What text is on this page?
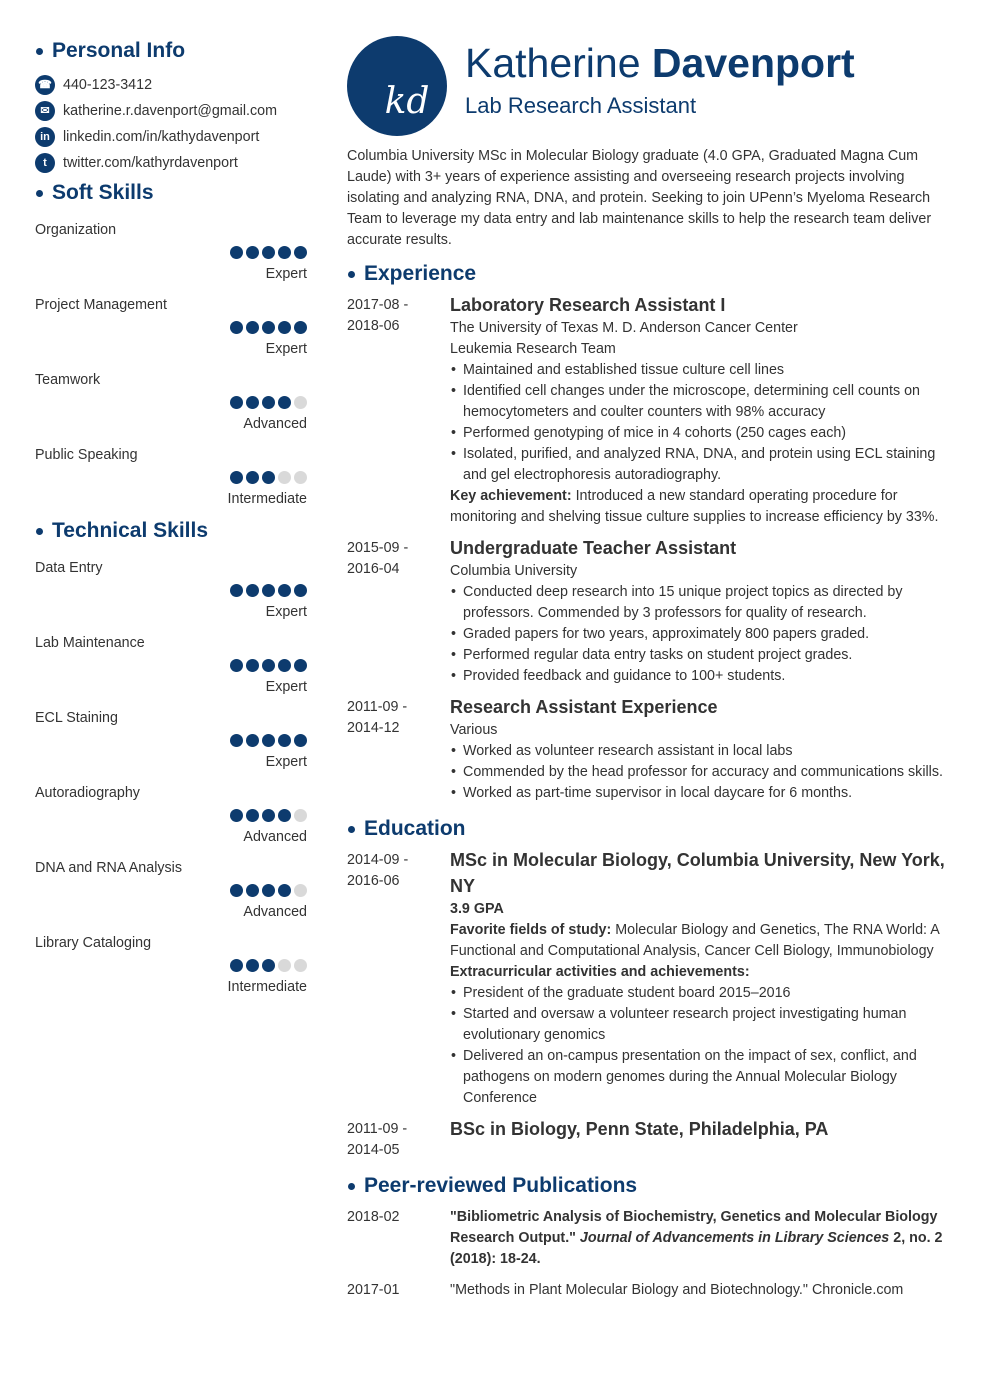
Personal Info
☎ 440-123-3412
✉ katherine.r.davenport@gmail.com
in linkedin.com/in/kathydavenport
t	twitter.com/kathyrdavenport
Soft Skills
Organization
Expert
Project Management
Expert
Teamwork
Advanced
Public Speaking
Intermediate
Technical Skills
Data Entry
Expert
Lab Maintenance
Expert
ECL Staining
Expert
Autoradiography
Advanced
DNA and RNA Analysis
Advanced
Library Cataloging
Intermediate
kd
Katherine Davenport
Lab Research Assistant

Columbia University MSc in Molecular Biology graduate (4.0 GPA, Graduated Magna Cum Laude) with 3+ years of experience assisting and overseeing research projects involving isolating and analyzing RNA, DNA, and protein. Seeking to join UPenn’s Myeloma Research Team to leverage my data entry and lab maintenance skills to help the research team deliver accurate results.

Experience
2017-08 -
2018-06
Laboratory Research Assistant I
The University of Texas M. D. Anderson Cancer Center
Leukemia Research Team
• Maintained and established tissue culture cell lines
• Identified cell changes under the microscope, determining cell counts on hemocytometers and coulter counters with 98% accuracy
• Performed genotyping of mice in 4 cohorts (250 cages each)
• Isolated, purified, and analyzed RNA, DNA, and protein using ECL staining and gel electrophoresis autoradiography.
Key achievement: Introduced a new standard operating procedure for monitoring and shelving tissue culture supplies to increase efficiency by 33%.
2015-09 -
2016-04
Undergraduate Teacher Assistant
Columbia University
• Conducted deep research into 15 unique project topics as directed by professors. Commended by 3 professors for quality of research.
• Graded papers for two years, approximately 800 papers graded.
• Performed regular data entry tasks on student project grades.
• Provided feedback and guidance to 100+ students.
2011-09 -
2014-12
Research Assistant Experience
Various
• Worked as volunteer research assistant in local labs
• Commended by the head professor for accuracy and communications skills.
• Worked as part-time supervisor in local daycare for 6 months.
Education
2014-09 -
2016-06
MSc in Molecular Biology, Columbia University, New York, NY
3.9 GPA
Favorite fields of study: Molecular Biology and Genetics, The RNA World: A Functional and Computational Analysis, Cancer Cell Biology, Immunobiology
Extracurricular activities and achievements:
• President of the graduate student board 2015–2016
• Started and oversaw a volunteer research project investigating human evolutionary genomics
• Delivered an on-campus presentation on the impact of sex, conflict, and pathogens on modern genomes during the Annual Molecular Biology Conference
2011-09 -
2014-05
BSc in Biology, Penn State, Philadelphia, PA
Peer-reviewed Publications
2018-02	"Bibliometric Analysis of Biochemistry, Genetics and Molecular Biology Research Output." Journal of Advancements in Library Sciences 2, no. 2 (2018): 18-24.
2017-01	"Methods in Plant Molecular Biology and Biotechnology." Chronicle.com
